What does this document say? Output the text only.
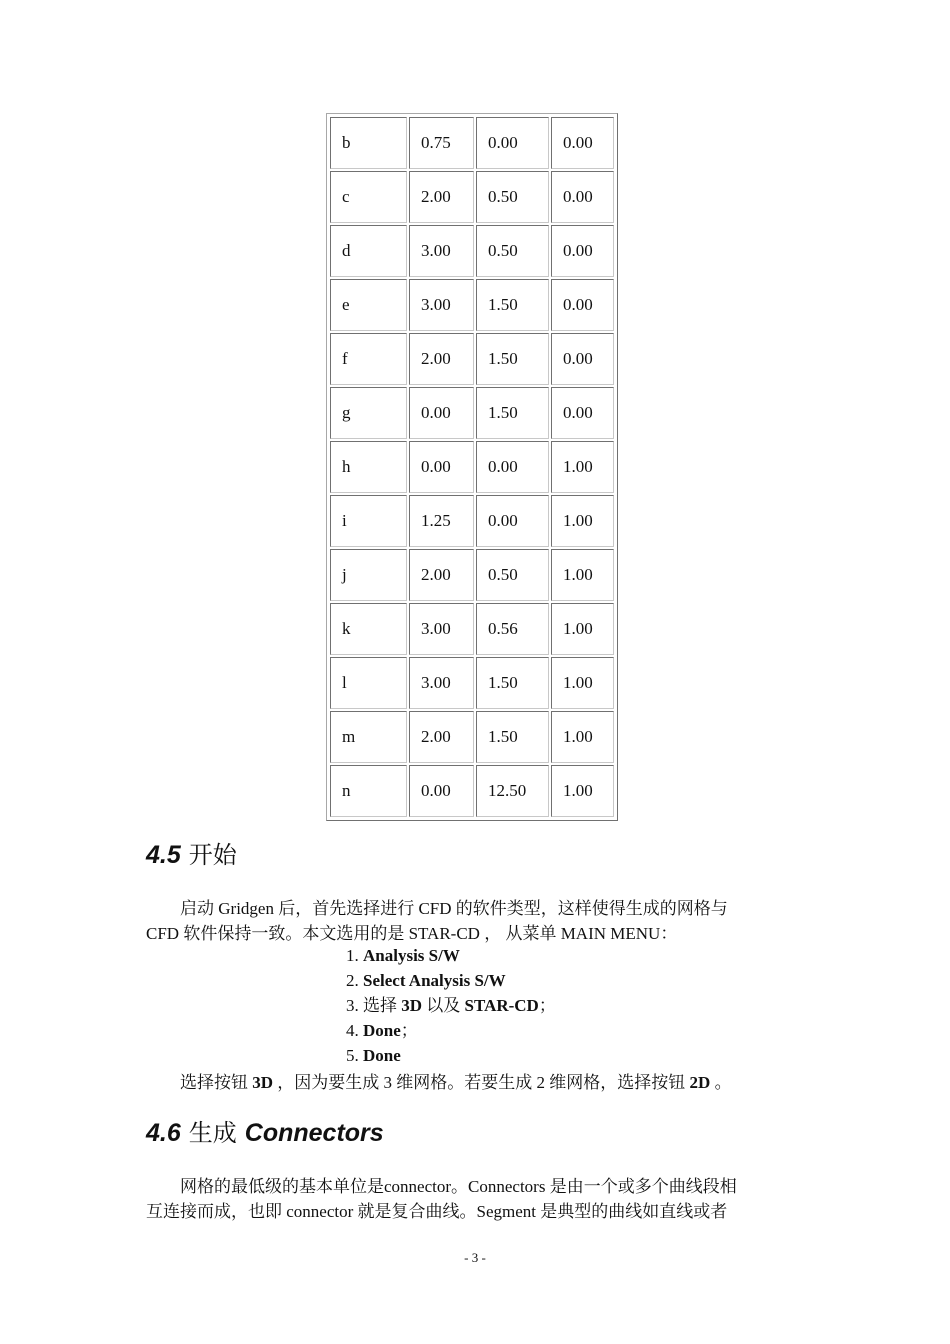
b	0.75	0.00	0.00
c	2.00	0.50	0.00
d	3.00	0.50	0.00
e	3.00	1.50	0.00
f	2.00	1.50	0.00
g	0.00	1.50	0.00
h	0.00	0.00	1.00
i	1.25	0.00	1.00
j	2.00	0.50	1.00
k	3.00	0.56	1.00
l	3.00	1.50	1.00
m	2.00	1.50	1.00
n	0.00	12.50	1.00
4.5 开始
启动 Gridgen 后，首先选择进行 CFD 的软件类型，这样使得生成的网格与
CFD 软件保持一致。本文选用的是 STAR-CD ， 从菜单 MAIN MENU：
1. Analysis S/W
2. Select Analysis S/W
3. 选择 3D 以及 STAR-CD；
4. Done；
5. Done
选择按钮 3D ，因为要生成 3 维网格。若要生成 2 维网格，选择按钮 2D 。
4.6 生成 Connectors
网格的最低级的基本单位是connector。Connectors 是由一个或多个曲线段相
互连接而成，也即 connector 就是复合曲线。Segment 是典型的曲线如直线或者
- 3 -
